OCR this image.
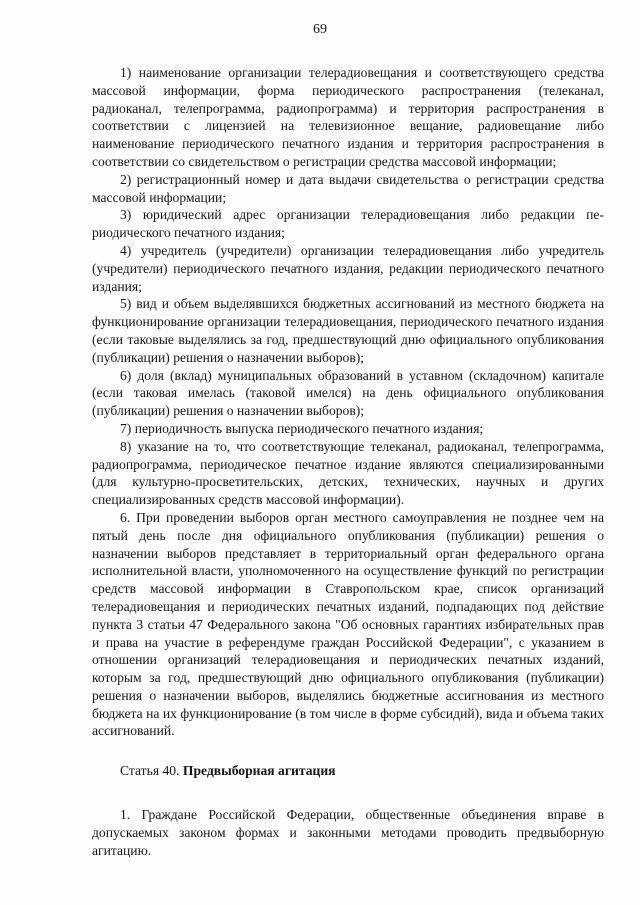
69

1) наименование организации телерадиовещания и соответствующего средства массовой информации, форма периодического распространения (телеканал, радиоканал, телепрограмма, радиопрограмма) и территория распространения в соответствии с лицензией на телевизионное вещание, радиовещание либо наименование периодического печатного издания и территория распространения в соответствии со свидетельством о регистрации средства массовой информации;

2) регистрационный номер и дата выдачи свидетельства о регистрации средства массовой информации;

3) юридический адрес организации телерадиовещания либо редакции периодического печатного издания;

4) учредитель (учредители) организации телерадиовещания либо учредитель (учредители) периодического печатного издания, редакции периодического печатного издания;

5) вид и объем выделявшихся бюджетных ассигнований из местного бюджета на функционирование организации телерадиовещания, периодического печатного издания (если таковые выделялись за год, предшествующий дню официального опубликования (публикации) решения о назначении выборов);

6) доля (вклад) муниципальных образований в уставном (складочном) капитале (если таковая имелась (таковой имелся) на день официального опубликования (публикации) решения о назначении выборов);

7) периодичность выпуска периодического печатного издания;

8) указание на то, что соответствующие телеканал, радиоканал, телепрограмма, радиопрограмма, периодическое печатное издание являются специализированными (для культурно-просветительских, детских, технических, научных и других специализированных средств массовой информации).

6. При проведении выборов орган местного самоуправления не позднее чем на пятый день после дня официального опубликования (публикации) решения о назначении выборов представляет в территориальный орган федерального органа исполнительной власти, уполномоченного на осуществление функций по регистрации средств массовой информации в Ставропольском крае, список организаций телерадиовещания и периодических печатных изданий, подпадающих под действие пункта 3 статьи 47 Федерального закона "Об основных гарантиях избирательных прав и права на участие в референдуме граждан Российской Федерации", с указанием в отношении организаций телерадиовещания и периодических печатных изданий, которым за год, предшествующий дню официального опубликования (публикации) решения о назначении выборов, выделялись бюджетные ассигнования из местного бюджета на их функционирование (в том числе в форме субсидий), вида и объема таких ассигнований.

Статья 40. Предвыборная агитация

1. Граждане Российской Федерации, общественные объединения вправе в допускаемых законом формах и законными методами проводить предвыборную агитацию.
